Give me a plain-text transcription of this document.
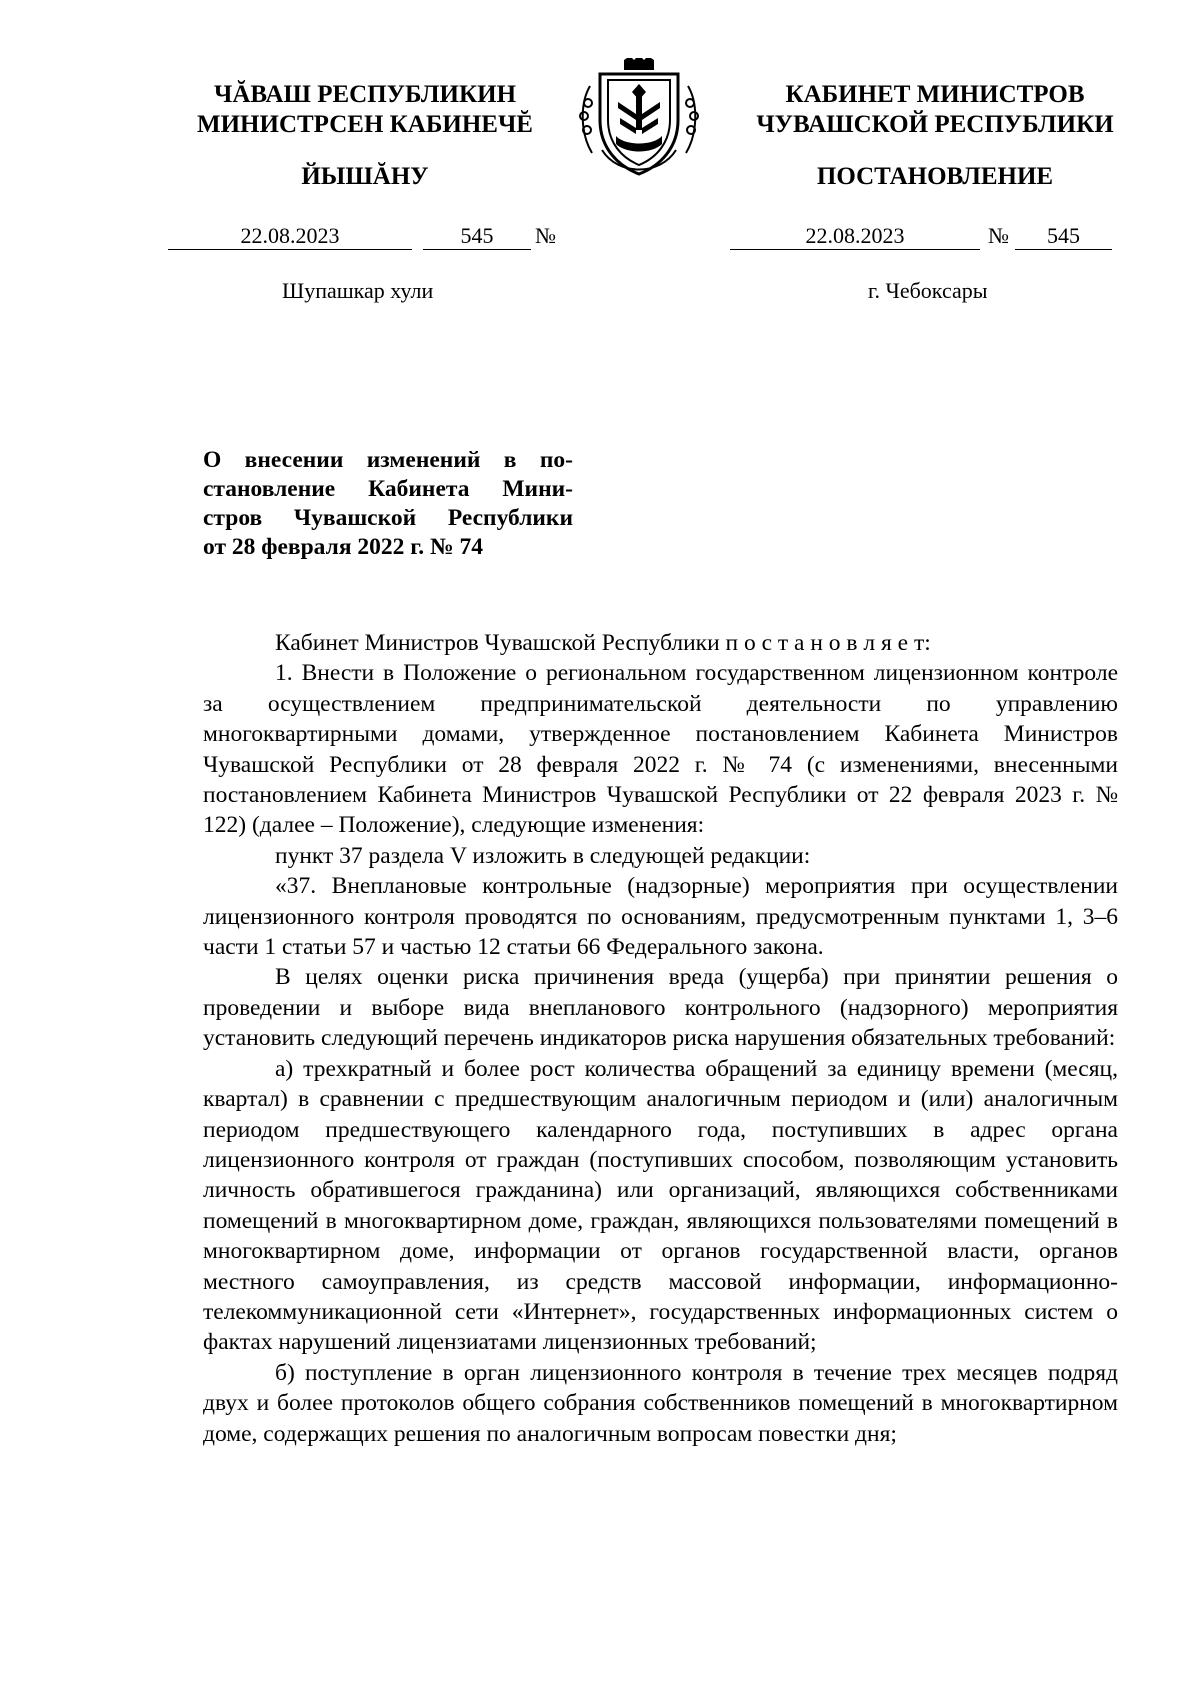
ЧĂВАШ РЕСПУБЛИКИН
МИНИСТРСЕН КАБИНЕЧĔ
ЙЫШĂНУ
КАБИНЕТ МИНИСТРОВ
ЧУВАШСКОЙ РЕСПУБЛИКИ
ПОСТАНОВЛЕНИЕ
22.08.2023	545	№	22.08.2023	№	545
Шупашкар хули	г. Чебоксары
О внесении изменений в по-
становление Кабинета Мини-
стров Чувашской Республики
от 28 февраля 2022 г. № 74

Кабинет Министров Чувашской Республики п о с т а н о в л я е т:

1. Внести в Положение о региональном государственном лицензионном контроле за осуществлением предпринимательской деятельности по управлению многоквартирными домами, утвержденное постановлением Кабинета Министров Чувашской Республики от 28 февраля 2022 г. № 74 (с изменениями, внесенными постановлением Кабинета Министров Чувашской Республики от 22 февраля 2023 г. № 122) (далее – Положение), следующие изменения:

пункт 37 раздела V изложить в следующей редакции:

«37. Внеплановые контрольные (надзорные) мероприятия при осуществлении лицензионного контроля проводятся по основаниям, предусмотренным пунктами 1, 3–6 части 1 статьи 57 и частью 12 статьи 66 Федерального закона.

В целях оценки риска причинения вреда (ущерба) при принятии решения о проведении и выборе вида внепланового контрольного (надзорного) мероприятия установить следующий перечень индикаторов риска нарушения обязательных требований:

а) трехкратный и более рост количества обращений за единицу времени (месяц, квартал) в сравнении с предшествующим аналогичным периодом и (или) аналогичным периодом предшествующего календарного года, поступивших в адрес органа лицензионного контроля от граждан (поступивших способом, позволяющим установить личность обратившегося гражданина) или организаций, являющихся собственниками помещений в многоквартирном доме, граждан, являющихся пользователями помещений в многоквартирном доме, информации от органов государственной власти, органов местного самоуправления, из средств массовой информации, информационно-телекоммуникационной сети «Интернет», государственных информационных систем о фактах нарушений лицензиатами лицензионных требований;

б) поступление в орган лицензионного контроля в течение трех месяцев подряд двух и более протоколов общего собрания собственников помещений в многоквартирном доме, содержащих решения по аналогичным вопросам повестки дня;
